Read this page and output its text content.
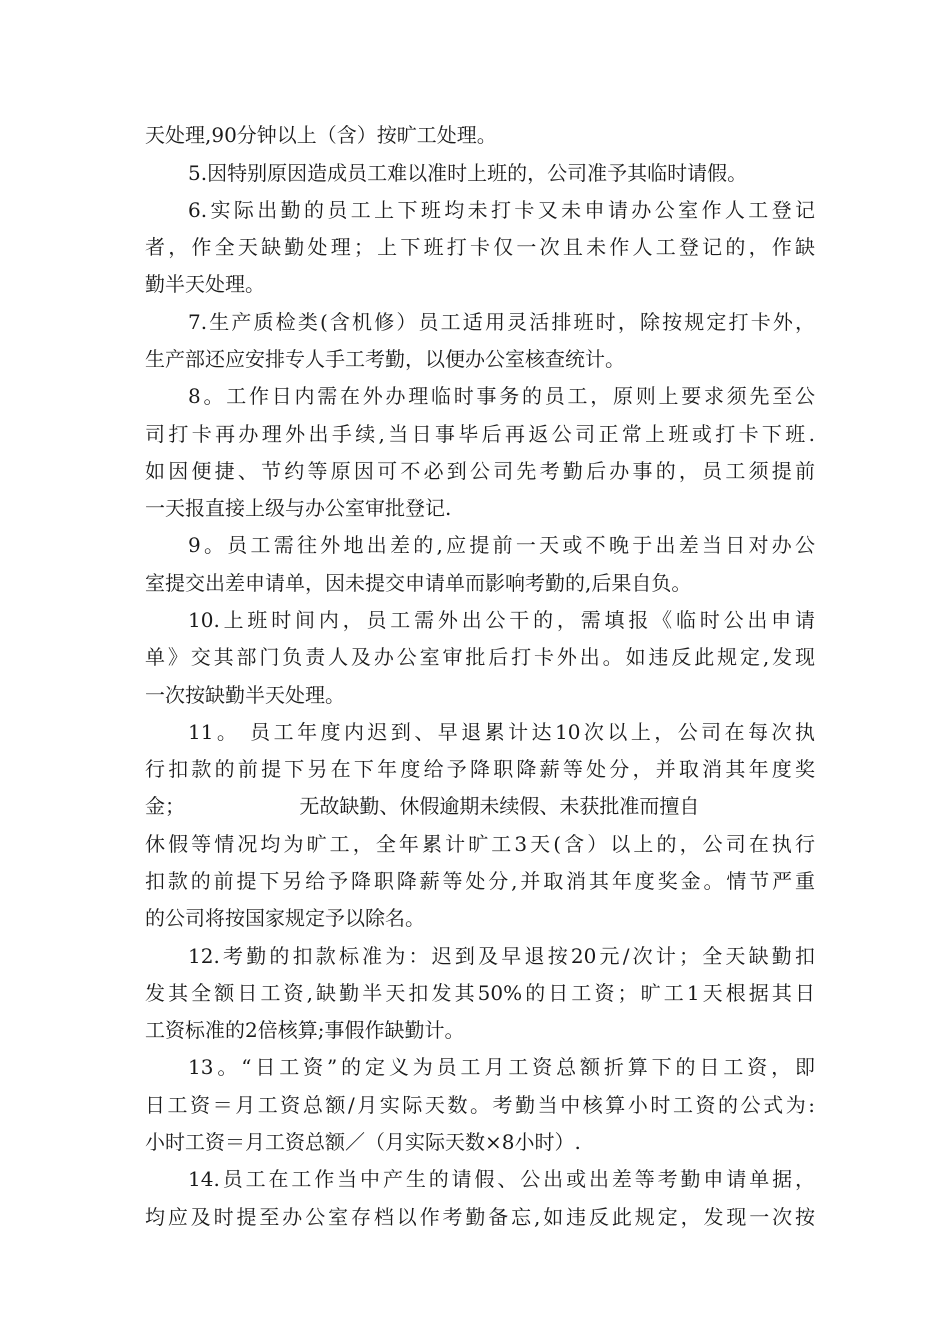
天处理,90分钟以上（含）按旷工处理。
5.因特别原因造成员工难以准时上班的，公司准予其临时请假。
6.实际出勤的员工上下班均未打卡又未申请办公室作人工登记
者，作全天缺勤处理；上下班打卡仅一次且未作人工登记的，作缺
勤半天处理。
7.生产质检类(含机修）员工适用灵活排班时，除按规定打卡外，
生产部还应安排专人手工考勤，以便办公室核查统计。
8。工作日内需在外办理临时事务的员工，原则上要求须先至公
司打卡再办理外出手续,当日事毕后再返公司正常上班或打卡下班.
如因便捷、节约等原因可不必到公司先考勤后办事的，员工须提前
一天报直接上级与办公室审批登记.
9。员工需往外地出差的,应提前一天或不晚于出差当日对办公
室提交出差申请单，因未提交申请单而影响考勤的,后果自负。
10.上班时间内，员工需外出公干的，需填报《临时公出申请
单》交其部门负责人及办公室审批后打卡外出。如违反此规定,发现
一次按缺勤半天处理。
11。 员工年度内迟到、早退累计达10次以上，公司在每次执
行扣款的前提下另在下年度给予降职降薪等处分，并取消其年度奖
金；                  无故缺勤、休假逾期未续假、未获批准而擅自
休假等情况均为旷工，全年累计旷工3天(含）以上的，公司在执行
扣款的前提下另给予降职降薪等处分,并取消其年度奖金。情节严重
的公司将按国家规定予以除名。
12.考勤的扣款标准为：迟到及早退按20元/次计；全天缺勤扣
发其全额日工资,缺勤半天扣发其50%的日工资；旷工1天根据其日
工资标准的2倍核算;事假作缺勤计。
13。“日工资”的定义为员工月工资总额折算下的日工资，即
日工资＝月工资总额/月实际天数。考勤当中核算小时工资的公式为:
小时工资＝月工资总额／（月实际天数×8小时）.
14.员工在工作当中产生的请假、公出或出差等考勤申请单据，
均应及时提至办公室存档以作考勤备忘,如违反此规定，发现一次按
